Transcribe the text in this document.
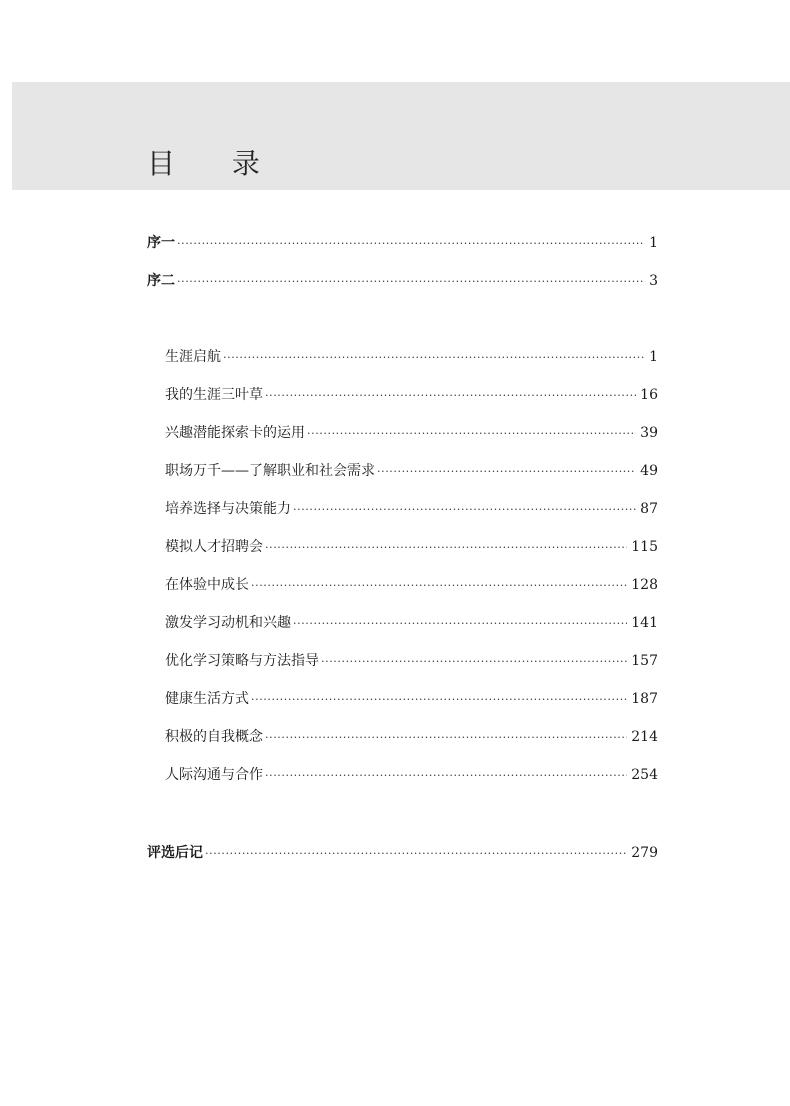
目 录
序一 ·····	1
序二 ·····	3
生涯启航 ·····	1
我的生涯三叶草 ·····	16
兴趣潜能探索卡的运用 ·····	39
职场万千——了解职业和社会需求 ·····	49
培养选择与决策能力 ·····	87
模拟人才招聘会 ·····	115
在体验中成长 ·····	128
激发学习动机和兴趣 ·····	141
优化学习策略与方法指导 ·····	157
健康生活方式 ·····	187
积极的自我概念 ·····	214
人际沟通与合作 ·····	254
评选后记 ·····	279
